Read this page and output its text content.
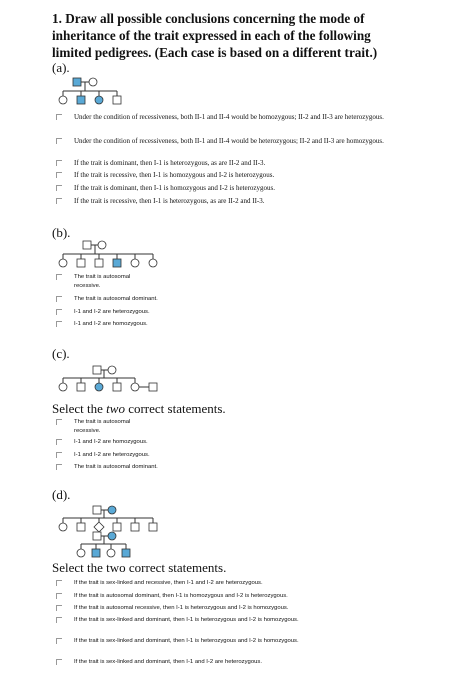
1. Draw all possible conclusions concerning the mode of inheritance of the trait expressed in each of the following limited pedigrees. (Each case is based on a different trait.)
(a).
Under the condition of recessiveness, both II-1 and II-4 would be homozygous; II-2 and II-3 are heterozygous.
Under the condition of recessiveness, both II-1 and II-4 would be heterozygous; II-2 and II-3 are homozygous.
If the trait is dominant, then I-1 is heterozygous, as are II-2 and II-3.
If the trait is recessive, then I-1 is homozygous and I-2 is heterozygous.
If the trait is dominant, then I-1 is homozygous and I-2 is heterozygous.
If the trait is recessive, then I-1 is heterozygous, as are II-2 and II-3.
(b).
The trait is autosomal recessive.
The trait is autosomal dominant.
I-1 and I-2 are heterozygous.
I-1 and I-2 are homozygous.
(c).
Select the two correct statements.
The trait is autosomal recessive.
I-1 and I-2 are homozygous.
I-1 and I-2 are heterozygous.
The trait is autosomal dominant.
(d).
Select the two correct statements.
If the trait is sex-linked and recessive, then I-1 and I-2 are heterozygous.
If the trait is autosomal dominant, then I-1 is homozygous and I-2 is heterozygous.
If the trait is autosomal recessive, then I-1 is heterozygous and I-2 is homozygous.
If the trait is sex-linked and dominant, then I-1 is heterozygous and I-2 is homozygous.
If the trait is sex-linked and dominant, then I-1 is heterozygous and I-2 is homozygous.
If the trait is sex-linked and dominant, then I-1 and I-2 are heterozygous.
